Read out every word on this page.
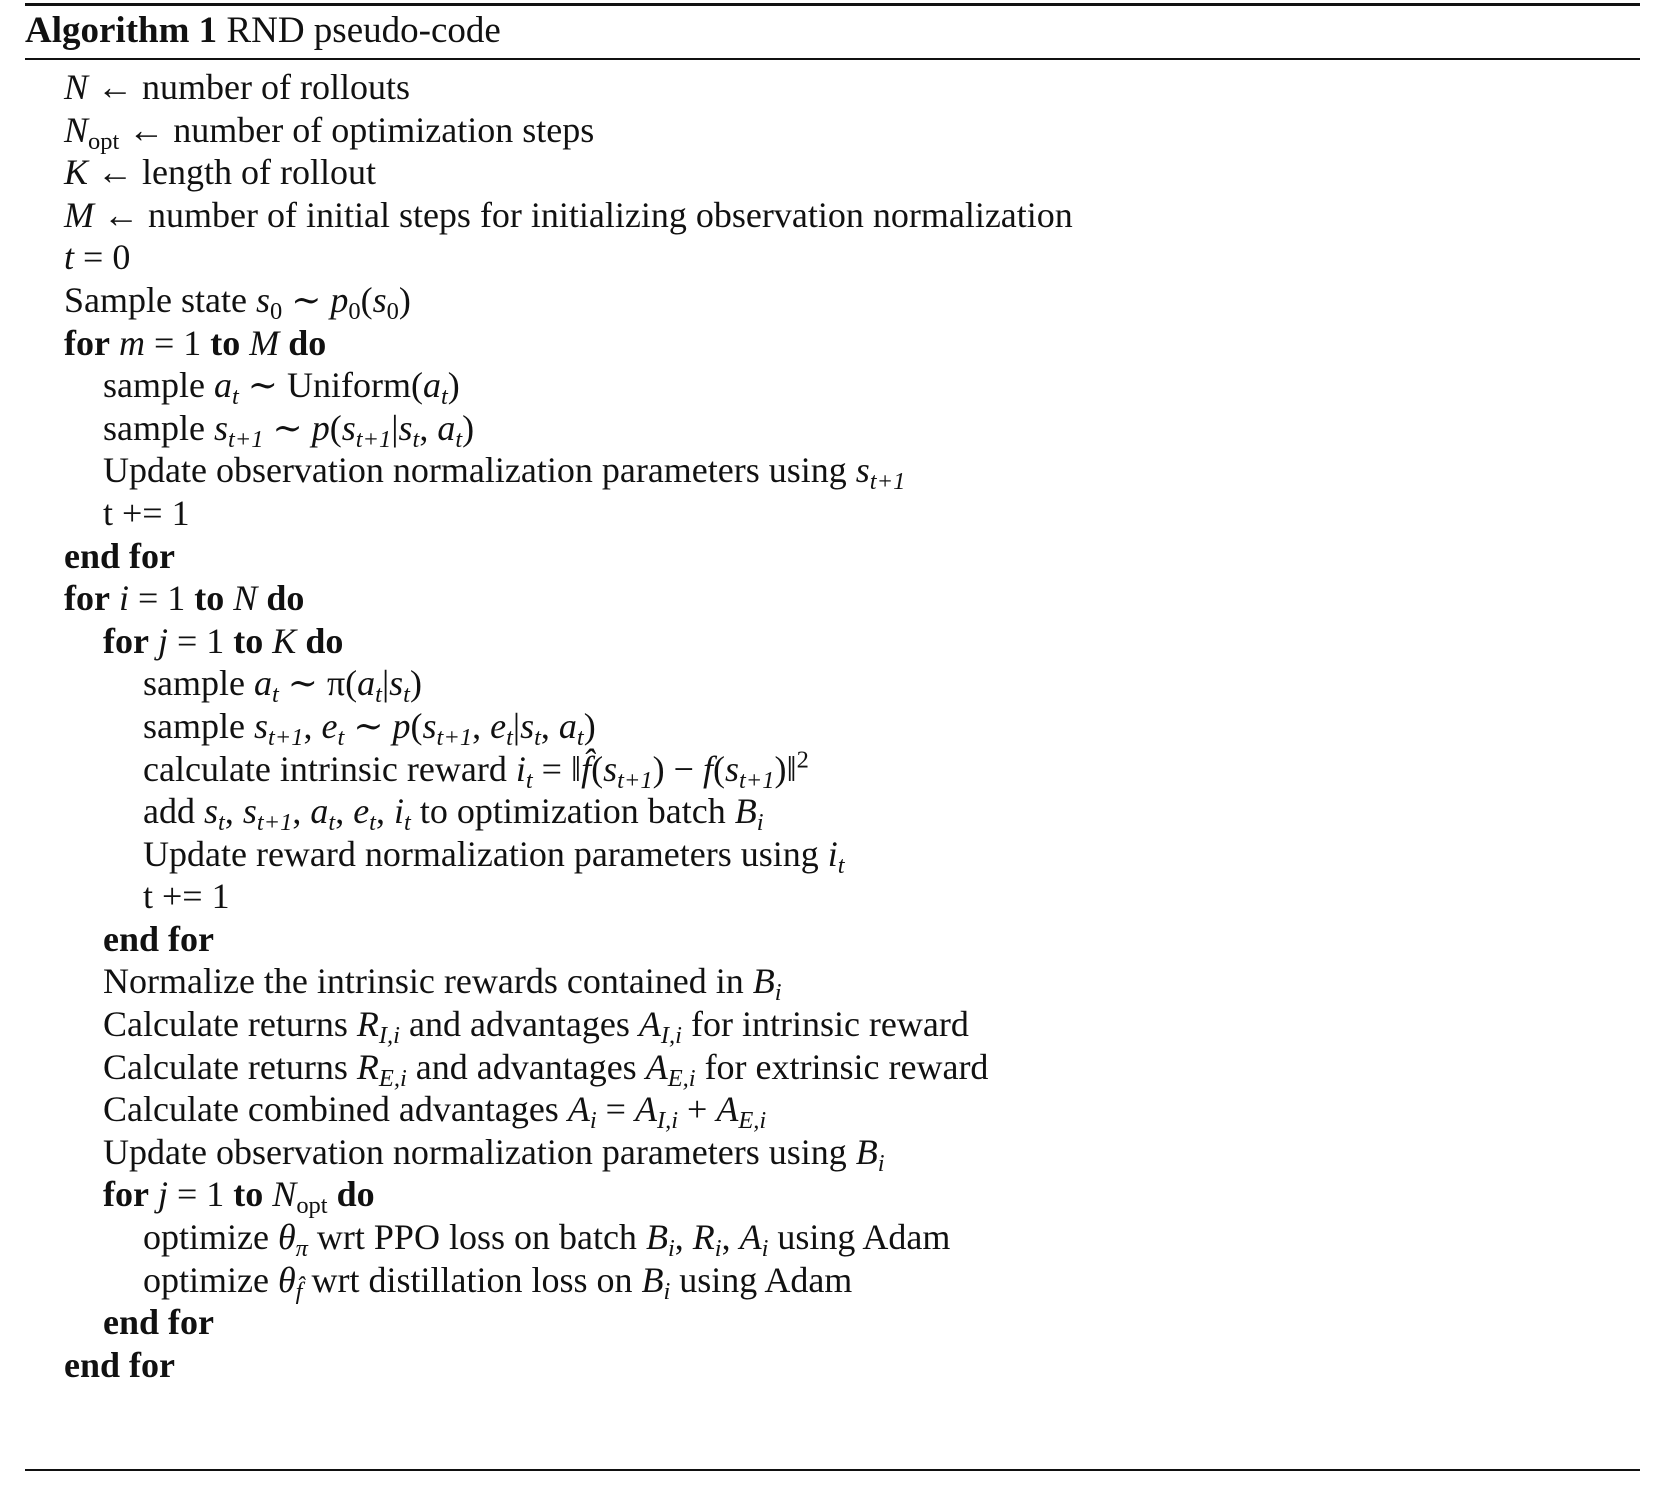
Algorithm 1 RND pseudo-code
N ← number of rollouts
$N_{opt}$ ← number of optimization steps
K ← length of rollout
M ← number of initial steps for initializing observation normalization
t = 0
Sample state $s_0$ ∼ $p_0(s_0)$
for m = 1 to M do
sample $a_t$ ∼ $Uniform(a_t)$
sample $s_{t+1}$ ∼ $p(s_{t+1}|s_t$, $a_t$)
Update observation normalization parameters using $s_{t+1}$
t += 1
end for
for i = 1 to N do
for j = 1 to K do
sample $a_t$ ∼ $\pi(a_t|s_t)$
sample $s_{t+1}$, $e_t$ ∼ $p(s_{t+1}$, $e_t|s_t$, $a_t$)
calculate intrinsic reward $i_t$ = $‖f̂(s_{t+1})$ − $f(s_{t+1})‖^2$
add $s_t$, $s_{t+1}$, $a_t$, $e_t$, $i_t$ to optimization batch $B_i$
Update reward normalization parameters using $i_t$
t += 1
end for
Normalize the intrinsic rewards contained in $B_i$
Calculate returns $R_{I,i}$ and advantages $A_{I,i}$ for intrinsic reward
Calculate returns $R_{E,i}$ and advantages $A_{E,i}$ for extrinsic reward
Calculate combined advantages $A_i = A_{I,i} + A_{E,i}$
Update observation normalization parameters using $B_i$
for j = 1 to $N_{opt}$ do
optimize $\theta_\pi$ wrt PPO loss on batch $B_i$, $R_i$, $A_i$ using Adam
optimize $\theta_{f̂}$ wrt distillation loss on $B_i$ using Adam
end for
end for
